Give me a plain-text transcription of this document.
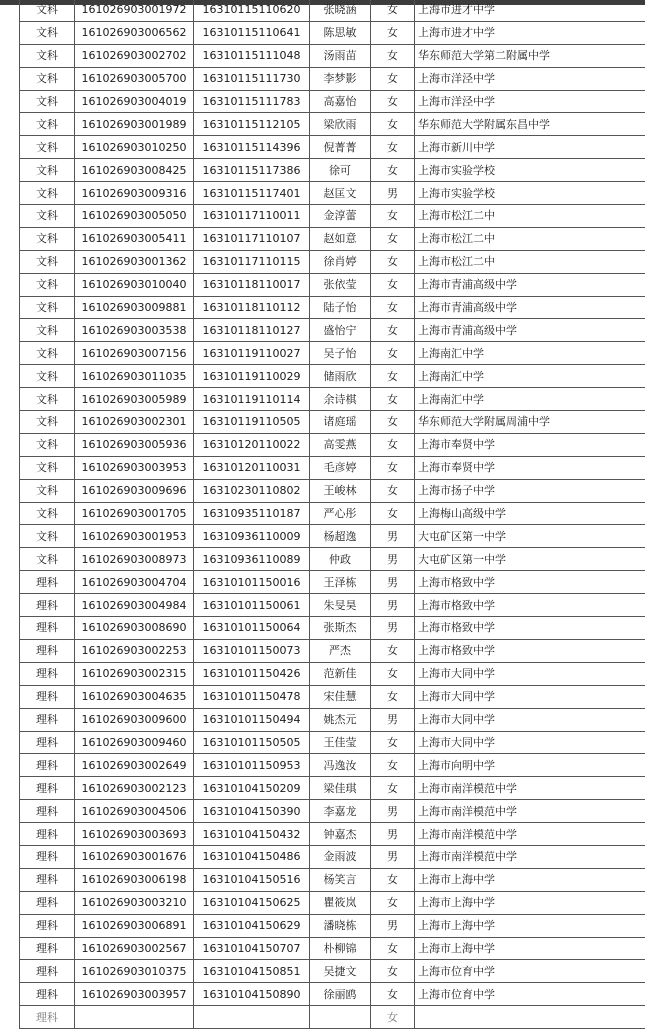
文科	161026903001972	16310115110620	张晓涵	女	上海市进才中学
文科	161026903006562	16310115110641	陈思敏	女	上海市进才中学
文科	161026903002702	16310115111048	汤雨苗	女	华东师范大学第二附属中学
文科	161026903005700	16310115111730	李梦影	女	上海市洋泾中学
文科	161026903004019	16310115111783	高嘉怡	女	上海市洋泾中学
文科	161026903001989	16310115112105	梁欣雨	女	华东师范大学附属东昌中学
文科	161026903010250	16310115114396	倪菁菁	女	上海市新川中学
文科	161026903008425	16310115117386	徐可	女	上海市实验学校
文科	161026903009316	16310115117401	赵匡文	男	上海市实验学校
文科	161026903005050	16310117110011	金淳蕾	女	上海市松江二中
文科	161026903005411	16310117110107	赵如意	女	上海市松江二中
文科	161026903001362	16310117110115	徐肖婷	女	上海市松江二中
文科	161026903010040	16310118110017	张依莹	女	上海市青浦高级中学
文科	161026903009881	16310118110112	陆子怡	女	上海市青浦高级中学
文科	161026903003538	16310118110127	盛怡宁	女	上海市青浦高级中学
文科	161026903007156	16310119110027	吴子怡	女	上海南汇中学
文科	161026903011035	16310119110029	储雨欣	女	上海南汇中学
文科	161026903005989	16310119110114	余诗棋	女	上海南汇中学
文科	161026903002301	16310119110505	诸庭瑶	女	华东师范大学附属周浦中学
文科	161026903005936	16310120110022	高雯燕	女	上海市奉贤中学
文科	161026903003953	16310120110031	毛彦婷	女	上海市奉贤中学
文科	161026903009696	16310230110802	王峻林	女	上海市扬子中学
文科	161026903001705	16310935110187	严心彤	女	上海梅山高级中学
文科	161026903001953	16310936110009	杨超逸	男	大屯矿区第一中学
文科	161026903008973	16310936110089	仲政	男	大屯矿区第一中学
理科	161026903004704	16310101150016	王泽栋	男	上海市格致中学
理科	161026903004984	16310101150061	朱旻昊	男	上海市格致中学
理科	161026903008690	16310101150064	张斯杰	男	上海市格致中学
理科	161026903002253	16310101150073	严杰	女	上海市格致中学
理科	161026903002315	16310101150426	范新佳	女	上海市大同中学
理科	161026903004635	16310101150478	宋佳慧	女	上海市大同中学
理科	161026903009600	16310101150494	姚杰元	男	上海市大同中学
理科	161026903009460	16310101150505	王佳莹	女	上海市大同中学
理科	161026903002649	16310101150953	冯逸汝	女	上海市向明中学
理科	161026903002123	16310104150209	梁佳琪	女	上海市南洋模范中学
理科	161026903004506	16310104150390	李嘉龙	男	上海市南洋模范中学
理科	161026903003693	16310104150432	钟嘉杰	男	上海市南洋模范中学
理科	161026903001676	16310104150486	金雨波	男	上海市南洋模范中学
理科	161026903006198	16310104150516	杨笑言	女	上海市上海中学
理科	161026903003210	16310104150625	瞿筱岚	女	上海市上海中学
理科	161026903006891	16310104150629	潘晓栋	男	上海市上海中学
理科	161026903002567	16310104150707	朴柳锦	女	上海市上海中学
理科	161026903010375	16310104150851	吴捷文	女	上海市位育中学
理科	161026903003957	16310104150890	徐丽鸥	女	上海市位育中学
理科				女	
